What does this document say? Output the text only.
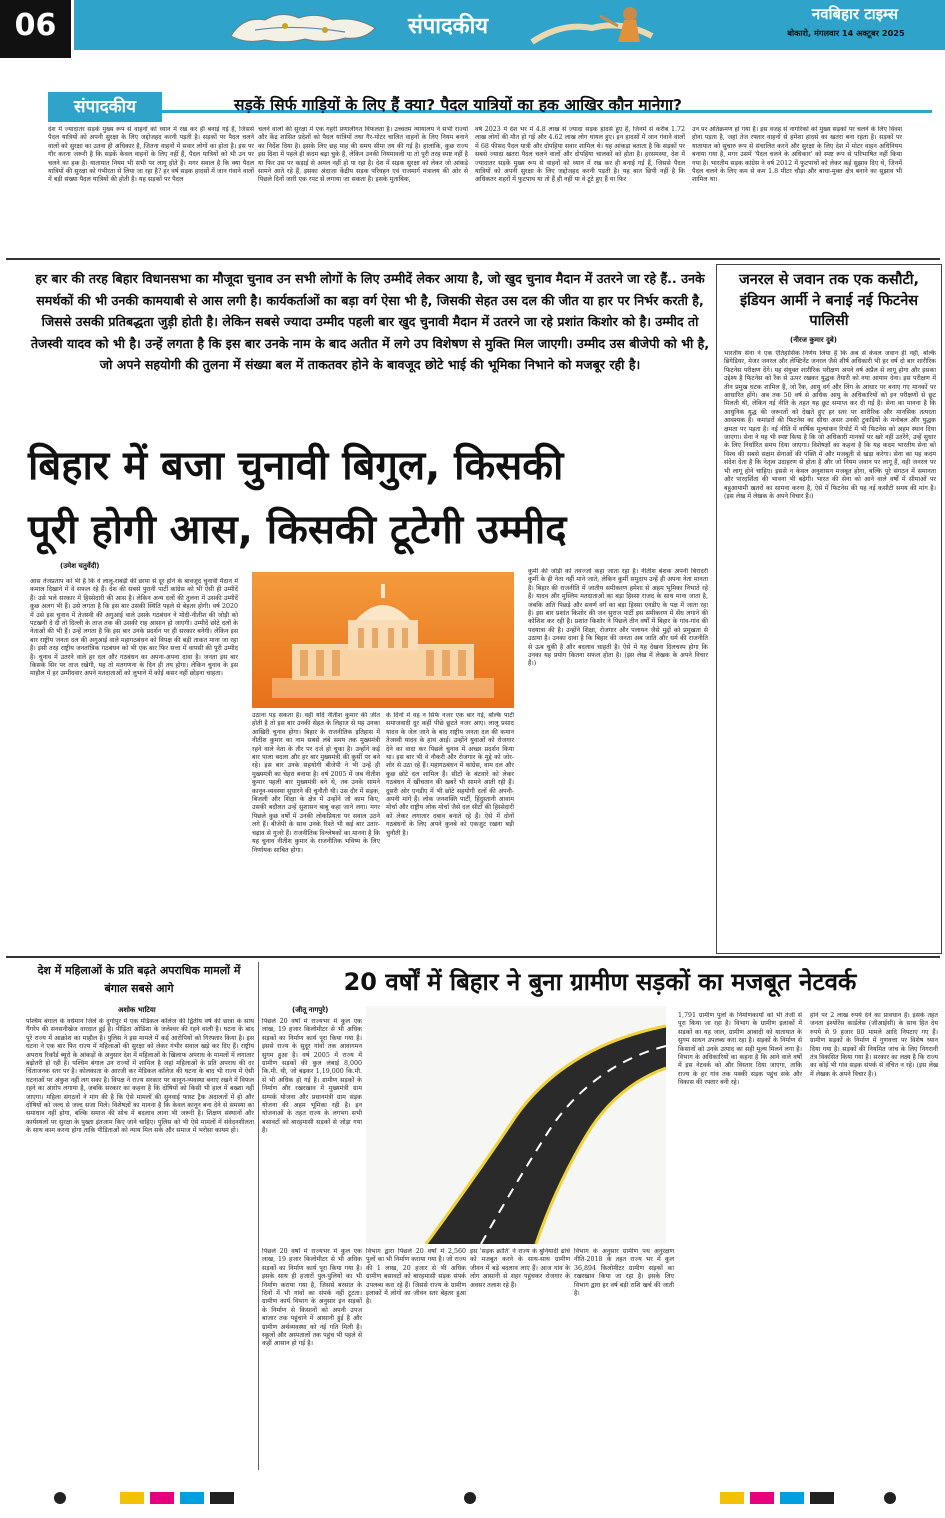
06	संपादकीय	नवबिहार टाइम्स
बोकारो, मंगलवार 14 अक्टूबर 2025
संपादकीय	सड़कें सिर्फ गाड़ियों के लिए हैं क्या? पैदल यात्रियों का हक आखिर कौन मानेगा?
देश में ज्यादातर सड़कें मुख्य रूप से वाहनों को ध्यान में रख कर ही बनाई गई हैं, जिससे पैदल यात्रियों को अपनी सुरक्षा के लिए जद्दोजहद करनी पड़ती है। सड़कों पर पैदल चलने वालों को सुरक्षा का उतना ही अधिकार है, जितना वाहनों में सवार लोगों का होता है। इस पर गौर करना जरूरी है कि सड़कें केवल वाहनों के लिए नहीं हैं, पैदल यात्रियों को भी उन पर चलने का हक है। यातायात नियम भी सभी पर लागू होते हैं। मगर सवाल है कि क्या पैदल यात्रियों की सुरक्षा को गंभीरता से लिया जा रहा है? हर वर्ष सड़क हादसों में जान गंवाने वालों में बड़ी संख्या पैदल यात्रियों की होती है। यह सड़कों पर पैदल
चलने वालों की सुरक्षा में एक गहरी प्रणालीगत विफलता है। उच्चतम न्यायालय ने सभी राज्यों और केंद्र शासित प्रदेशों को पैदल यात्रियों तथा गैर-मोटर चालित वाहनों के लिए नियम बनाने का निर्देश दिया है। इसके लिए छह माह की समय सीमा तय की गई है। हालांकि, कुछ राज्य इस दिशा में पहले ही कदम बढ़ा चुके हैं, लेकिन उनकी नियमावली या तो पूरी तरह स्पष्ट नहीं है या फिर उस पर कड़ाई से अमल नहीं हो पा रहा है। देश में सड़क सुरक्षा को लेकर जो आंकड़े सामने आते रहे हैं, इसका अंदाजा केंद्रीय सड़क परिवहन एवं राजमार्ग मंत्रालय की ओर से पिछले दिनों जारी एक रपट से लगाया जा सकता है। इसके मुताबिक,
वर्ष 2023 में देश भर में 4.8 लाख से ज्यादा सड़क हादसे हुए हैं, जिनमें से करीब 1.72 लाख लोगों की मौत हो गई और 4.62 लाख लोग घायल हुए। इन हादसों में जान गंवाने वालों में 68 फीसद पैदल यात्री और दोपहिया सवार शामिल थे। यह आंकड़ा बताता है कि सड़कों पर सबसे ज्यादा खतरा पैदल चलने वालों और दोपहिया चालकों को होता है। हरसमस्या, देश में ज्यादातर सड़कें मुख्य रूप से वाहनों को ध्यान में रख कर ही बनाई गई हैं, जिससे पैदल यात्रियों को अपनी सुरक्षा के लिए जद्दोजहद करनी पड़ती है। यह बात छिपी नहीं है कि अधिकतर शहरों में फुटपाथ या तो हैं ही नहीं या वे टूटे हुए हैं या फिर
उन पर अतिक्रमण हो गया है। इस वजह से नागरिकों को मुख्य सड़कों पर चलने के लिए विवश होना पड़ता है, जहां तेज रफ्तार वाहनों से हमेशा हादसे का खतरा बना रहता है। सड़कों पर यातायात को सुचारु रूप से संचालित करने और सुरक्षा के लिए देश में मोटर वाहन अधिनियम बनाया गया है, मगर उसमें 'पैदल चलने के अधिकार' को स्पष्ट रूप से परिभाषित नहीं किया गया है। भारतीय सड़क कांग्रेस ने वर्ष 2012 में फुटपाथों को लेकर कई सुझाव दिए थे, जिनमें पैदल चलने के लिए कम से कम 1.8 मीटर चौड़ा और बाधा-मुक्त क्षेत्र बनाने का सुझाव भी शामिल था।
हर बार की तरह बिहार विधानसभा का मौजूदा चुनाव उन सभी लोगों के लिए उम्मीदें लेकर आया है, जो खुद चुनाव मैदान में उतरने जा रहे हैं.. उनके समर्थकों की भी उनकी कामयाबी से आस लगी है। कार्यकर्ताओं का बड़ा वर्ग ऐसा भी है, जिसकी सेहत उस दल की जीत या हार पर निर्भर करती है, जिससे उसकी प्रतिबद्धता जुड़ी होती है। लेकिन सबसे ज्यादा उम्मीद पहली बार खुद चुनावी मैदान में उतरने जा रहे प्रशांत किशोर को है। उम्मीद तो तेजस्वी यादव को भी है। उन्हें लगता है कि इस बार उनके नाम के बाद अतीत में लगे उप विशेषण से मुक्ति मिल जाएगी। उम्मीद उस बीजेपी को भी है, जो अपने सहयोगी की तुलना में संख्या बल में ताकतवर होने के बावजूद छोटे भाई की भूमिका निभाने को मजबूर रही है।
बिहार में बजा चुनावी बिगुल, किसकी
पूरी होगी आस, किसकी टूटेगी उम्मीद
(उमेश चतुर्वेदी)
आस तेजप्रताप को भी है कि वे लालू-राबड़ी की छाया से दूर होने के बावजूद चुनावी मैदान में कमाल दिखाने में वे सफल रहे हैं। देश की सबसे पुरानी पार्टी कांग्रेस को भी ऐसी ही उम्मीदें हैं। उसे भले सरकार में हिस्सेदारी की आस है। लेकिन अन्य दलों की तुलना में उसकी उम्मीदें कुछ अलग भी हैं। उसे लगता है कि इस बार उसकी स्थिति पहले से बेहतर होगी। वर्ष 2020 में उसे इस चुनाव में तेजस्वी की अगुआई वाले उसके गठबंधन ने मोदी-नीतीश की जोड़ी को पटखनी दे दी तो दिल्ली के ताज तक की उसकी राह आसान हो जाएगी। उम्मीदें छोटे दलों के नेताओं की भी हैं। उन्हें लगता है कि इस बार उनके प्रदर्शन पर ही सरकार बनेगी। लेकिन इस बार राष्ट्रीय जनता दल की अगुआई वाले महागठबंधन को विपक्ष की बड़ी ताकत माना जा रहा है। इसी तरह राष्ट्रीय जनतांत्रिक गठबंधन को भी एक बार फिर सत्ता में वापसी की पूरी उम्मीद है। चुनाव में उतरने वाले हर दल और गठबंधन का अपना-अपना दावा है। जनता इस बार किसके सिर पर ताज रखेगी, यह तो मतगणना के दिन ही तय होगा। लेकिन चुनाव के इस माहौल में हर उम्मीदवार अपने मतदाताओं को लुभाने में कोई कसर नहीं छोड़ना चाहता।
उठाना पड़ सकता है। वहीं यदि नीतीश कुमार की जीत होती है तो इस बार उनकी सेहत के लिहाज से यह उनका आखिरी चुनाव होगा। बिहार के राजनीतिक इतिहास में नीतीश कुमार का नाम सबसे लंबे समय तक मुख्यमंत्री रहने वाले नेता के तौर पर दर्ज हो चुका है। उन्होंने कई बार पाला बदला और हर बार मुख्यमंत्री की कुर्सी पर बने रहे। इस बार उनके सहयोगी बीजेपी ने भी उन्हें ही मुख्यमंत्री का चेहरा बनाया है। वर्ष 2005 में जब नीतीश कुमार पहली बार मुख्यमंत्री बने थे, तब उनके सामने कानून-व्यवस्था सुधारने की चुनौती थी। उस दौर में सड़क, बिजली और शिक्षा के क्षेत्र में उन्होंने जो काम किए, उसकी बदौलत उन्हें सुशासन बाबू कहा जाने लगा। मगर पिछले कुछ वर्षों में उनकी लोकप्रियता पर सवाल उठने लगे हैं। बीजेपी के साथ उनके रिश्ते भी कई बार उतार-चढ़ाव से गुजरे हैं। राजनीतिक विश्लेषकों का मानना है कि यह चुनाव नीतीश कुमार के राजनीतिक भविष्य के लिए निर्णायक साबित होगा।
के दिनों में वह न सिर्फ नजर एक बार गई, बल्कि पार्टी समाजवादी दूर कहीं पीछे छूटते नजर आए। लालू प्रसाद यादव के जेल जाने के बाद राष्ट्रीय जनता दल की कमान तेजस्वी यादव के हाथ आई। उन्होंने युवाओं को रोजगार देने का वादा कर पिछले चुनाव में अच्छा प्रदर्शन किया था। इस बार भी वे नौकरी और रोजगार के मुद्दे को जोर-शोर से उठा रहे हैं। महागठबंधन में कांग्रेस, वाम दल और कुछ छोटे दल शामिल हैं। सीटों के बंटवारे को लेकर गठबंधन में खींचतान की खबरें भी सामने आती रही हैं। दूसरी ओर एनडीए में भी छोटे सहयोगी दलों की अपनी-अपनी मांगें हैं। लोक जनशक्ति पार्टी, हिंदुस्तानी आवाम मोर्चा और राष्ट्रीय लोक मोर्चा जैसे दल सीटों की हिस्सेदारी को लेकर लगातार दबाव बनाते रहे हैं। ऐसे में दोनों गठबंधनों के लिए अपने कुनबे को एकजुट रखना बड़ी चुनौती है।
कुर्मी की जोड़ी को तवज्जो कहा जाता रहा है। नीतीश बेशक अपनी बिरादरी कुर्मी के ही नेता नहीं माने जाते, लेकिन कुर्मी समुदाय उन्हें ही अपना नेता मानता है। बिहार की राजनीति में जातीय समीकरण हमेशा से अहम भूमिका निभाते रहे हैं। यादव और मुस्लिम मतदाताओं का बड़ा हिस्सा राजद के साथ माना जाता है, जबकि अति पिछड़े और सवर्ण वर्ग का बड़ा हिस्सा एनडीए के पक्ष में जाता रहा है। इस बार प्रशांत किशोर की जन सुराज पार्टी इस समीकरण में सेंध लगाने की कोशिश कर रही है। प्रशांत किशोर ने पिछले तीन वर्षों में बिहार के गांव-गांव की पदयात्रा की है। उन्होंने शिक्षा, रोजगार और पलायन जैसे मुद्दों को प्रमुखता से उठाया है। उनका दावा है कि बिहार की जनता अब जाति और धर्म की राजनीति से ऊब चुकी है और बदलाव चाहती है। ऐसे में यह देखना दिलचस्प होगा कि उनका यह प्रयोग कितना सफल होता है। (इस लेख में लेखक के अपने विचार हैं।)
जनरल से जवान तक एक कसौटी, इंडियन आर्मी ने बनाई नई फिटनेस पालिसी
(नीरज कुमार दुबे)
भारतीय सेना ने एक ऐतिहासिक निर्णय लिया है कि अब से केवल जवान ही नहीं, बल्कि ब्रिगेडियर, मेजर जनरल और लेफ्टिनेंट जनरल जैसे शीर्ष अधिकारी भी हर वर्ष दो बार शारीरिक फिटनेस परीक्षण देंगे। यह संयुक्त शारीरिक परीक्षण अपने वर्ष अप्रैल से लागू होगा और इसका उद्देश्य है फिटनेस को रैंक से ऊपर रखकर युद्धक तैयारी को नया आयाम देना। इस परीक्षण में तीन प्रमुख घटक शामिल हैं, जो रैंक, आयु वर्ग और लिंग के आधार पर बनाए गए मानकों पर आधारित होंगे। अब तक 50 वर्ष से अधिक आयु के अधिकारियों को इन परीक्षणों से छूट मिलती थी, लेकिन नई नीति के तहत यह छूट समाप्त कर दी गई है। सेना का मानना है कि आधुनिक युद्ध की जरूरतों को देखते हुए हर स्तर पर शारीरिक और मानसिक तत्परता आवश्यक है। कमांडरों की फिटनेस का सीधा असर उनकी टुकड़ियों के मनोबल और युद्धक क्षमता पर पड़ता है। नई नीति में वार्षिक मूल्यांकन रिपोर्ट में भी फिटनेस को अहम स्थान दिया जाएगा। सेना ने यह भी स्पष्ट किया है कि जो अधिकारी मानकों पर खरे नहीं उतरेंगे, उन्हें सुधार के लिए निर्धारित समय दिया जाएगा। विशेषज्ञों का कहना है कि यह कदम भारतीय सेना को विश्व की सबसे सक्षम सेनाओं की पंक्ति में और मजबूती से खड़ा करेगा। सेना का यह कदम संदेश देता है कि नेतृत्व उदाहरण से होता है और जो नियम जवान पर लागू हैं, वही जनरल पर भी लागू होने चाहिए। इससे न केवल अनुशासन मजबूत होगा, बल्कि पूरे संगठन में समानता और पारदर्शिता की भावना भी बढ़ेगी। भारत की सेना को आने वाले वर्षों में सीमाओं पर बहुआयामी खतरों का सामना करना है, ऐसे में फिटनेस की यह नई कसौटी समय की मांग है। (इस लेख में लेखक के अपने विचार हैं।)
देश में महिलाओं के प्रति बढ़ते अपराधिक मामलों में बंगाल सबसे आगे
अशोक भाटिया
पश्चिम बंगाल के वर्धमान जिले के दुर्गापुर में एक मेडिकल कॉलेज की द्वितीय वर्ष की छात्रा के साथ गैंगरेप की सनसनीखेज वारदात हुई है। पीड़िता ओडिशा के जलेश्वर की रहने वाली है। घटना के बाद पूरे राज्य में आक्रोश का माहौल है। पुलिस ने इस मामले में कई आरोपियों को गिरफ्तार किया है। इस घटना ने एक बार फिर राज्य में महिलाओं की सुरक्षा को लेकर गंभीर सवाल खड़े कर दिए हैं। राष्ट्रीय अपराध रिकॉर्ड ब्यूरो के आंकड़ों के अनुसार देश में महिलाओं के खिलाफ अपराध के मामलों में लगातार बढ़ोतरी हो रही है। पश्चिम बंगाल उन राज्यों में शामिल है जहां महिलाओं के प्रति अपराध की दर चिंताजनक स्तर पर है। कोलकाता के आरजी कर मेडिकल कॉलेज की घटना के बाद भी राज्य में ऐसी घटनाओं पर अंकुश नहीं लग सका है। विपक्ष ने राज्य सरकार पर कानून-व्यवस्था बनाए रखने में विफल रहने का आरोप लगाया है, जबकि सरकार का कहना है कि दोषियों को किसी भी हाल में बख्शा नहीं जाएगा। महिला संगठनों ने मांग की है कि ऐसे मामलों की सुनवाई फास्ट ट्रैक अदालतों में हो और दोषियों को जल्द से जल्द सजा मिले। विशेषज्ञों का मानना है कि केवल कानून बना देने से समस्या का समाधान नहीं होगा, बल्कि समाज की सोच में बदलाव लाना भी जरूरी है। शिक्षण संस्थानों और कार्यस्थलों पर सुरक्षा के पुख्ता इंतजाम किए जाने चाहिए। पुलिस को भी ऐसे मामलों में संवेदनशीलता के साथ काम करना होगा ताकि पीड़िताओं को न्याय मिल सके और समाज में भरोसा कायम हो।
20 वर्षों में बिहार ने बुना ग्रामीण सड़कों का मजबूत नेटवर्क
(जीतू नागपुरे)
पिछले 20 वर्षों में राज्यभर में कुल एक लाख, 19 हजार किलोमीटर से भी अधिक सड़कों का निर्माण कार्य पूरा किया गया है। इससे राज्य के सुदूर गांवों तक आवागमन सुगम हुआ है। वर्ष 2005 में राज्य में ग्रामीण सड़कों की कुल लंबाई 8,000 कि.मी. थी, जो बढ़कर 1,19,000 कि.मी. से भी अधिक हो गई है। ग्रामीण सड़कों के निर्माण और रखरखाव में मुख्यमंत्री ग्राम सम्पर्क योजना और प्रधानमंत्री ग्राम सड़क योजना की अहम भूमिका रही है। इन योजनाओं के तहत राज्य के लगभग सभी बसावटों को बारहमासी सड़कों से जोड़ा गया है।
पिछले 20 वर्षों में राज्यभर में कुल एक लाख, 19 हजार किलोमीटर से भी अधिक सड़कों का निर्माण कार्य पूरा किया गया है। इसके साथ ही हजारों पुल-पुलियों का भी निर्माण कराया गया है, जिससे बरसात के दिनों में भी गांवों का संपर्क नहीं टूटता। ग्रामीण कार्य विभाग के अनुसार इन सड़कों के निर्माण से किसानों को अपनी उपज बाजार तक पहुंचाने में आसानी हुई है और ग्रामीण अर्थव्यवस्था को नई गति मिली है। स्कूलों और अस्पतालों तक पहुंच भी पहले से कहीं आसान हो गई है।
विभाग द्वारा पिछले 20 वर्षों में 2,560 पुलों का भी निर्माण कराया गया है। जो राज्य की 1 लाख, 20 हजार से भी अधिक ग्रामीण बसावटों को बारहमासी सड़क संपर्क उपलब्ध करा रहे हैं। जिससे राज्य के ग्रामीण इलाकों में लोगों का जीवन स्तर बेहतर हुआ है।
इस 'सड़क क्रांति' ने राज्य के बुनियादी ढांचे को मजबूत करने के साथ-साथ ग्रामीण जीवन में बड़े बदलाव लाए हैं। आज गांव के लोग आसानी से शहर पहुंचकर रोजगार के अवसर तलाश रहे हैं।
विभाग के अनुसार ग्रामीण पथ अनुरक्षण नीति-2018 के तहत राज्य भर में कुल 36,894 किलोमीटर ग्रामीण सड़कों का रखरखाव किया जा रहा है। इसके लिए विभाग द्वारा हर वर्ष बड़ी राशि खर्च की जाती है।
1,791 ग्रामीण पुलों के निर्माणकार्यों को भी तेजी से पूरा किया जा रहा है। विभाग के ग्रामीण इलाकों में सड़कों का यह जाल, ग्रामीण आबादी को यातायात के सुगम साधन उपलब्ध करा रहा है। सड़कों के निर्माण से किसानों को उनके उत्पाद का सही मूल्य मिलने लगा है। विभाग के अधिकारियों का कहना है कि आने वाले वर्षों में इस नेटवर्क को और विस्तार दिया जाएगा, ताकि राज्य के हर गांव तक पक्की सड़क पहुंच सके और विकास की रफ्तार बनी रहे।
होने पर 2 लाख रुपये देने का प्रावधान है। इसके तहत जनता इंश्योरेंस कार्डलेस (जीआईसी) के साथ हित देय रुपये से 9 हजार 80 मामले आदि निपटाए गए हैं। ग्रामीण सड़कों के निर्माण में गुणवत्ता पर विशेष ध्यान दिया गया है। सड़कों की नियमित जांच के लिए निगरानी तंत्र विकसित किया गया है। सरकार का लक्ष्य है कि राज्य का कोई भी गांव सड़क संपर्क से वंचित न रहे। (इस लेख में लेखक के अपने विचार हैं।)
